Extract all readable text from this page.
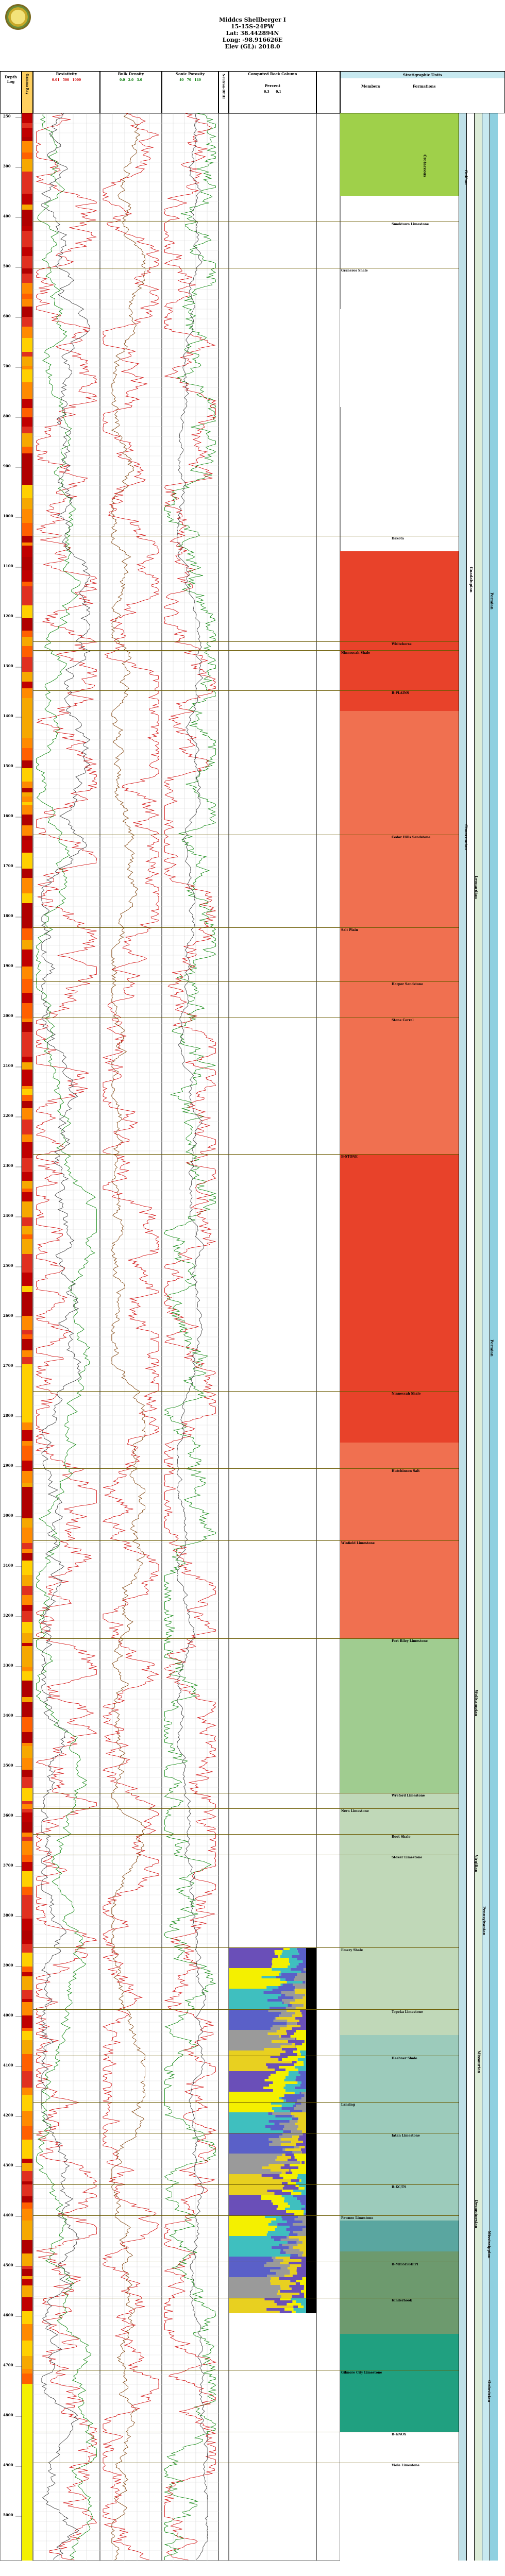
Middcs Shellberger I
15-15S-24PW
Lat: 38.442894N
Long: -98.916626E
Elev (GL): 2018.0
Depth Log	Gamma Ray	Resistivity
0.01 500 1000
Bulk Density
0.0 2.0 3.0
Sonic Porosity
40 70 140	Neutron-DPHI	Computed Rock Column
Percent
0.3 0.1
Stratigraphic Units
Members	Formations
250
300
400
500
600
700
800
900
1000
1100
1200
1300
1400
1500
1600
1700
1800
1900
2000
2100
2200
2300
2400
2500
2600
2700
2800
2900
3000
3100
3200
3300
3400
3500
3600
3700
3800
3900
4000
4100
4200
4300
4400
4500
4600
4700
4800
4900
5000
Smoktown Limestone
Graneros Shale
Dakota
Whitehorse
Ninnescah Shale
B-PLAINS
Cedar Hills Sandstone
Salt Plain
Harper Sandstone
Stone Corral
B-STONE
Ninnescah Shale
Hutchinson Salt
Winfield Limestone
Fort Riley Limestone
Wreford Limestone
Neva Limestone
Root Shale
Stoker Limestone
Emery Shale
Topeka Limestone
Heebner Shale
Lansing
Iatan Limestone
B-KC/TS
Pawnee Limestone
B-MISSISSIPPI
Kinderhook
Gilmore City Limestone
B-KNOX
Viola Limestone
Cretaceous
Permian
Permian
Pennsylvanian
Mississippian
Ordovician
Guadalupian
Leonardian
Wolfcampian
Virgilian
Missourian
Desmoinesian
Gulfian
Cimarronian
